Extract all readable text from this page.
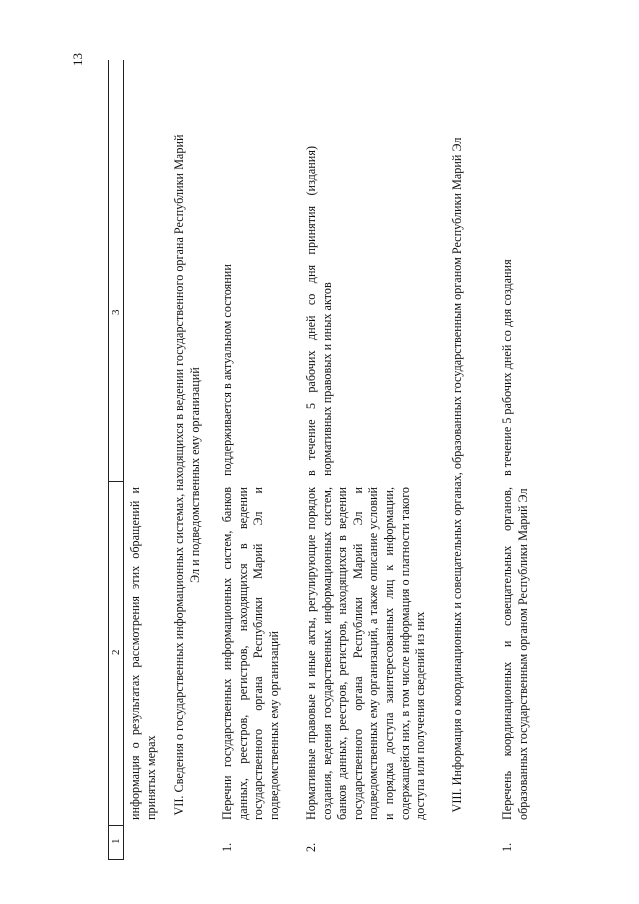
13
1
2
3

информация о результатах рассмотрения этих обращений и принятых мерах VII. Сведения о государственных информационных системах, находящихся в ведении государственного органа Республики Марий Эл и подведомственных ему организаций

1.

Перечни государственных информационных систем, банков данных, реестров, регистров, находящихся в ведении государственного органа Республики Марий Эл и подведомственных ему организаций

поддерживается в актуальном состоянии

2.

Нормативные правовые и иные акты, регулирующие порядок создания, ведения государственных информационных систем, банков данных, реестров, регистров, находящихся в ведении государственного органа Республики Марий Эл и подведомственных ему организаций, а также описание условий и порядка доступа заинтересованных лиц к информации, содержащейся них, в том числе информация о платности такого доступа или получения сведений из них

в течение 5 рабочих дней со дня принятия (издания) нормативных правовых и иных актов	VIII. Информация о координационных и совещательных органах, образованных государственным органом Республики Марий Эл

1.

Перечень координационных и совещательных органов, образованных государственным органом Республики Марий Эл

в течение 5 рабочих дней со дня создания
